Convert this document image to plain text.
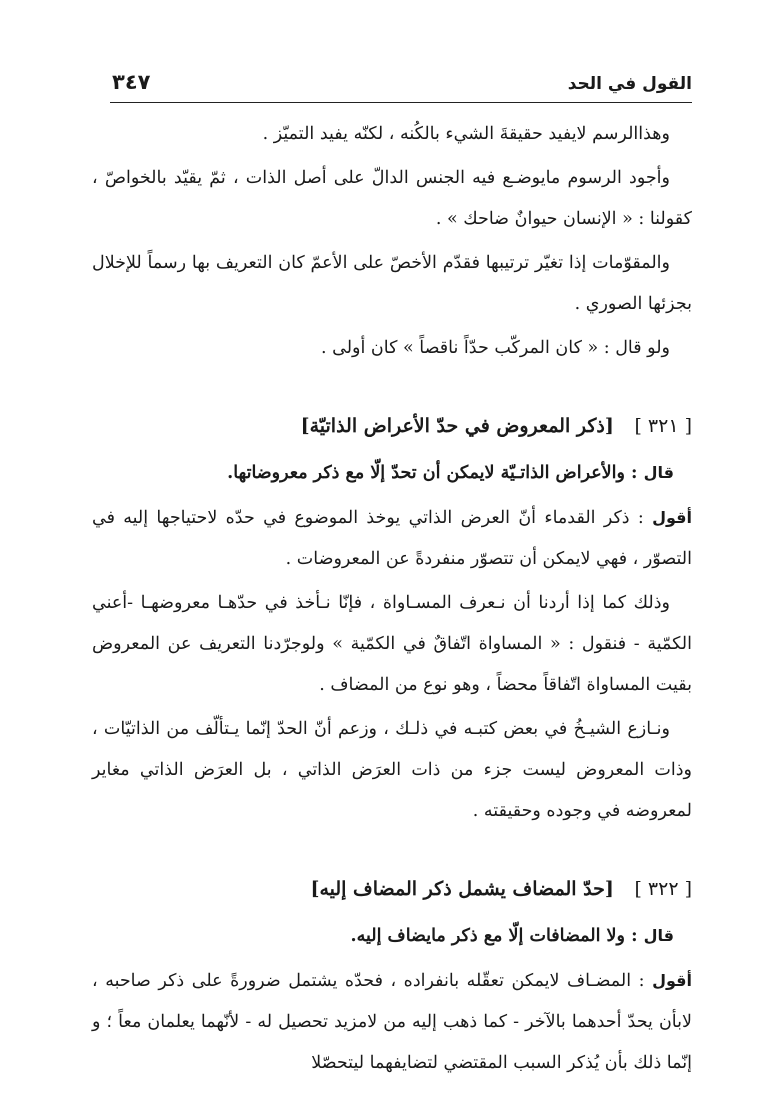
القول في الحد
٣٤٧

وهذاالرسم لايفيد حقيقةَ الشيء بالكُنه ، لكنّه يفيد التميّز .

وأجود الرسوم مايوضـع فيه الجنس الدالّ على أصل الذات ، ثمّ يقيّد بالخواصّ ، كقولنا : « الإنسان حيوانٌ ضاحك » .

والمقوّمات إذا تغيّر ترتيبها فقدّم الأخصّ على الأعمّ كان التعريف بها رسماً للإخلال بجزئها الصوري .

ولو قال : « كان المركّب حدّاً ناقصاً » كان أولى .

[ ٣٢١ ] [ذكر المعروض في حدّ الأعراض الذاتيّة]

قال : والأعراض الذاتـيّة لايمكن أن تحدّ إلّا مع ذكر معروضاتها.

أقول : ذكر القدماء أنّ العرض الذاتي يوخذ الموضوع في حدّه لاحتياجها إليه في التصوّر ، فهي لايمكن أن تتصوّر منفردةً عن المعروضات .

وذلك كما إذا أردنا أن نـعرف المسـاواة ، فإنّا نـأخذ في حدّهـا معروضهـا -أعني الكمّية - فنقول : « المساواة اتّفاقٌ في الكمّية » ولوجرّدنا التعريف عن المعروض بقيت المساواة اتّفاقاً محضاً ، وهو نوع من المضاف .

ونـازع الشيـخُ في بعض كتبـه في ذلـك ، وزعم أنّ الحدّ إنّما يـتألّف من الذاتيّات ، وذات المعروض ليست جزء من ذات العرَض الذاتي ، بل العرَض الذاتي مغاير لمعروضه في وجوده وحقيقته .

[ ٣٢٢ ] [حدّ المضاف يشمل ذكر المضاف إليه]

قال : ولا المضافات إلّا مع ذكر مايضاف إليه.

أقول : المضـاف لايمكن تعقّله بانفراده ، فحدّه يشتمل ضرورةً على ذكر صاحبه ، لابأن يحدّ أحدهما بالآخر - كما ذهب إليه من لامزيد تحصيل له - لأنّهما يعلمان معاً ؛ و إنّما ذلك بأن يُذكر السبب المقتضي لتضايفهما ليتحصّلا
